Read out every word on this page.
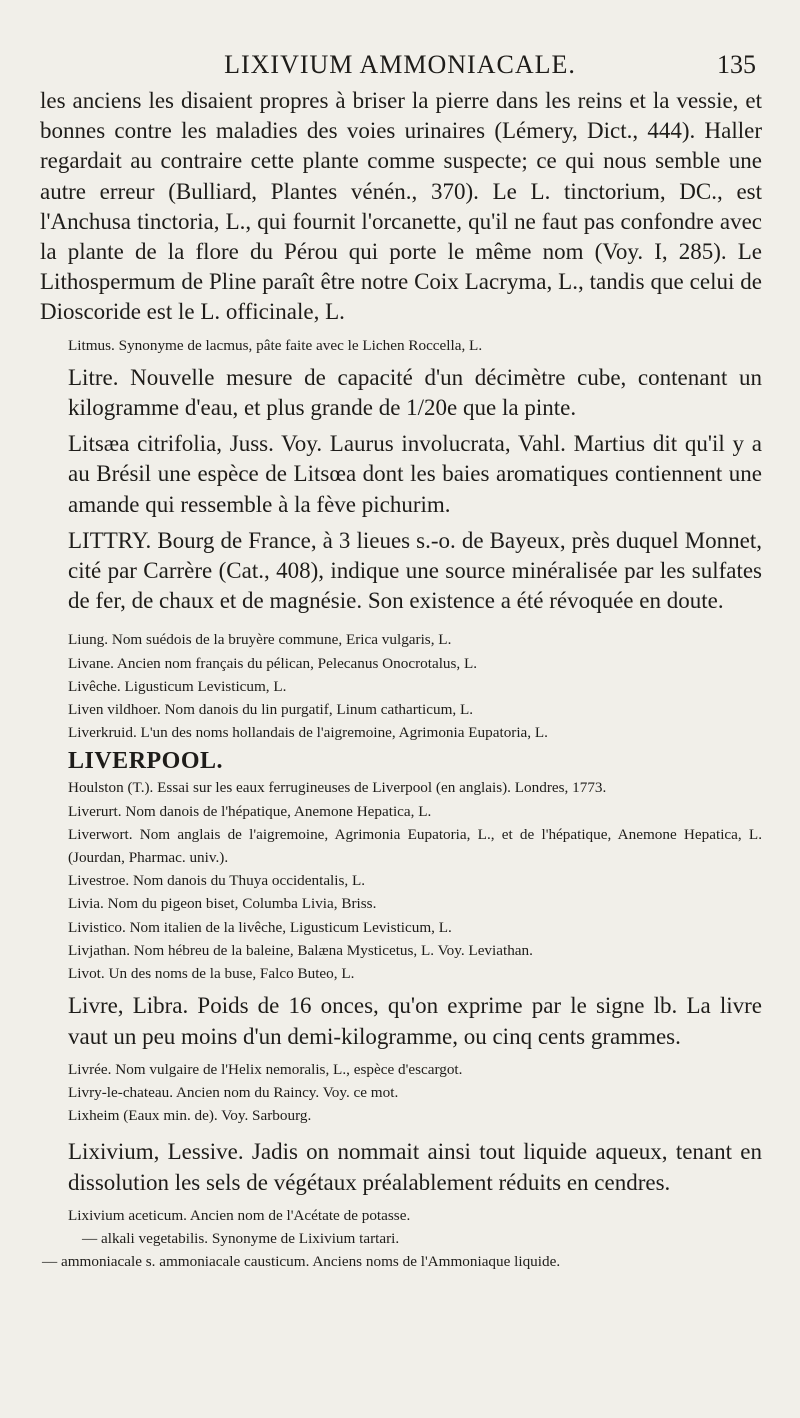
LIXIVIUM AMMONIACALE.	135

les anciens les disaient propres à briser la pierre dans les reins et la vessie, et bonnes contre les maladies des voies urinaires (Lémery, Dict., 444). Haller regardait au contraire cette plante comme suspecte; ce qui nous semble une autre erreur (Bulliard, Plantes vénén., 370). Le L. tinctorium, DC., est l'Anchusa tinctoria, L., qui fournit l'orcanette, qu'il ne faut pas confondre avec la plante de la flore du Pérou qui porte le même nom (Voy. I, 285). Le Lithospermum de Pline paraît être notre Coix Lacryma, L., tandis que celui de Dioscoride est le L. officinale, L.

Litmus. Synonyme de lacmus, pâte faite avec le Lichen Roccella, L.

Litre. Nouvelle mesure de capacité d'un décimètre cube, contenant un kilogramme d'eau, et plus grande de 1/20e que la pinte.

Litsæa citrifolia, Juss. Voy. Laurus involucrata, Vahl. Martius dit qu'il y a au Brésil une espèce de Litsœa dont les baies aromatiques contiennent une amande qui ressemble à la fève pichurim.

LITTRY. Bourg de France, à 3 lieues s.-o. de Bayeux, près duquel Monnet, cité par Carrère (Cat., 408), indique une source minéralisée par les sulfates de fer, de chaux et de magnésie. Son existence a été révoquée en doute.

Liung. Nom suédois de la bruyère commune, Erica vulgaris, L.

Livane. Ancien nom français du pélican, Pelecanus Onocrotalus, L.

Livêche. Ligusticum Levisticum, L.

Liven vildhoer. Nom danois du lin purgatif, Linum catharticum, L.

Liverkruid. L'un des noms hollandais de l'aigremoine, Agrimonia Eupatoria, L.

LIVERPOOL.

Houlston (T.). Essai sur les eaux ferrugineuses de Liverpool (en anglais). Londres, 1773.

Liverurt. Nom danois de l'hépatique, Anemone Hepatica, L.

Liverwort. Nom anglais de l'aigremoine, Agrimonia Eupatoria, L., et de l'hépatique, Anemone Hepatica, L. (Jourdan, Pharmac. univ.).

Livestroe. Nom danois du Thuya occidentalis, L.

Livia. Nom du pigeon biset, Columba Livia, Briss.

Livistico. Nom italien de la livêche, Ligusticum Levisticum, L.

Livjathan. Nom hébreu de la baleine, Balæna Mysticetus, L. Voy. Leviathan.

Livot. Un des noms de la buse, Falco Buteo, L.

Livre, Libra. Poids de 16 onces, qu'on exprime par le signe lb. La livre vaut un peu moins d'un demi-kilogramme, ou cinq cents grammes.

Livrée. Nom vulgaire de l'Helix nemoralis, L., espèce d'escargot.

Livry-le-chateau. Ancien nom du Raincy. Voy. ce mot.

Lixheim (Eaux min. de). Voy. Sarbourg.

Lixivium, Lessive. Jadis on nommait ainsi tout liquide aqueux, tenant en dissolution les sels de végétaux préalablement réduits en cendres.

Lixivium aceticum. Ancien nom de l'Acétate de potasse.

— alkali vegetabilis. Synonyme de Lixivium tartari.

— ammoniacale s. ammoniacale causticum. Anciens noms de l'Ammoniaque liquide.
